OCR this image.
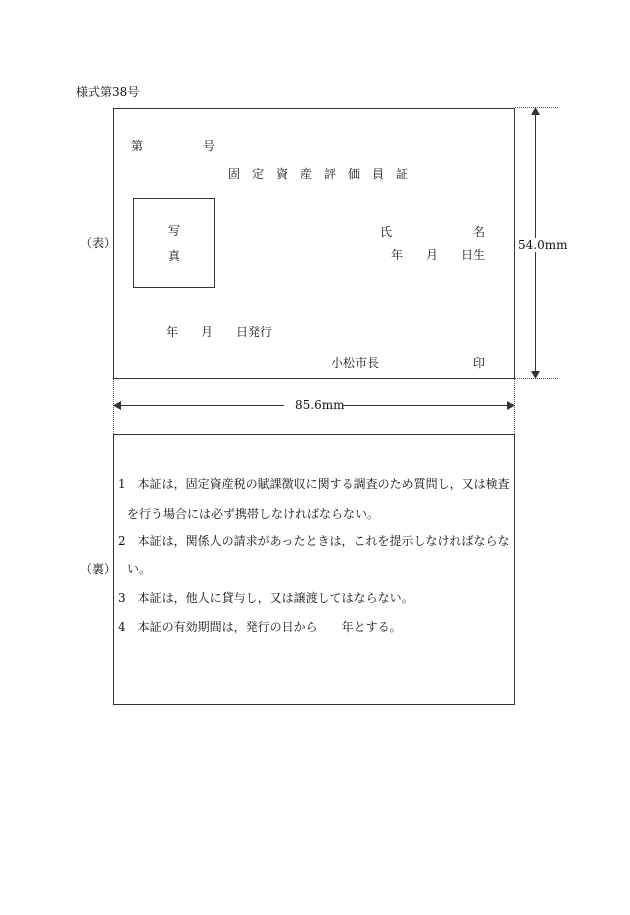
様式第38号
（表）
第	号
固定資産評価員証
写
真
氏	名
年 月 日生
年 月 日発行
小松市長	印
54.0mm
85.6mm
（裏）
1　本証は，固定資産税の賦課徴収に関する調査のため質問し，又は検査
を行う場合には必ず携帯しなければならない。
2　本証は，関係人の請求があったときは，これを提示しなければならな
い。
3　本証は，他人に貸与し，又は譲渡してはならない。
4　本証の有効期間は，発行の日から　　年とする。
